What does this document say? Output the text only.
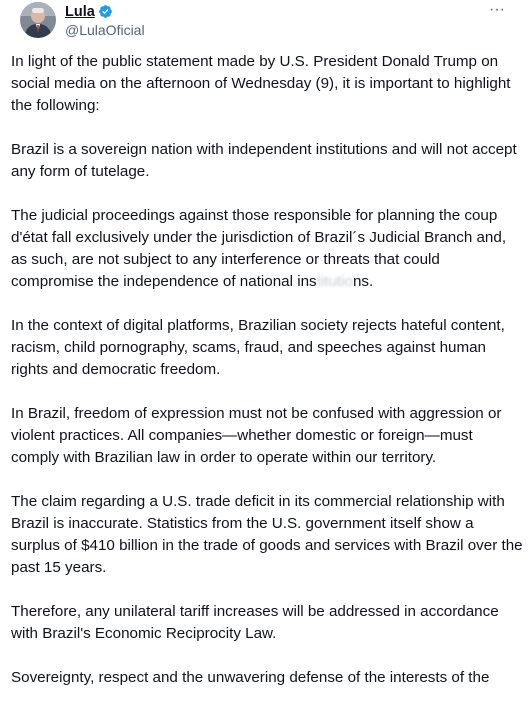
Lula
@LulaOficial
···

In light of the public statement made by U.S. President Donald Trump on social media on the afternoon of Wednesday (9), it is important to highlight the following:

Brazil is a sovereign nation with independent institutions and will not accept any form of tutelage.

The judicial proceedings against those responsible for planning the coup d'état fall exclusively under the jurisdiction of Brazil´s Judicial Branch and, as such, are not subject to any interference or threats that could compromise the independence of national institutions.

In the context of digital platforms, Brazilian society rejects hateful content, racism, child pornography, scams, fraud, and speeches against human rights and democratic freedom.

In Brazil, freedom of expression must not be confused with aggression or violent practices. All companies—whether domestic or foreign—must comply with Brazilian law in order to operate within our territory.

The claim regarding a U.S. trade deficit in its commercial relationship with Brazil is inaccurate. Statistics from the U.S. government itself show a surplus of $410 billion in the trade of goods and services with Brazil over the past 15 years.

Therefore, any unilateral tariff increases will be addressed in accordance with Brazil's Economic Reciprocity Law.

Sovereignty, respect and the unwavering defense of the interests of the
